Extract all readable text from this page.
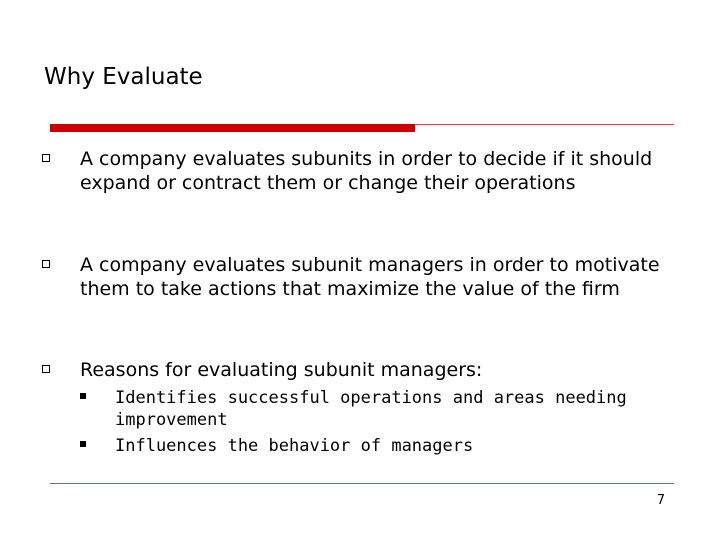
Why Evaluate
A company evaluates subunits in order to decide if it should expand or contract them or change their operations
A company evaluates subunit managers in order to motivate them to take actions that maximize the value of the firm
Reasons for evaluating subunit managers:
Identifies successful operations and areas needing improvement
Influences the behavior of managers
7
